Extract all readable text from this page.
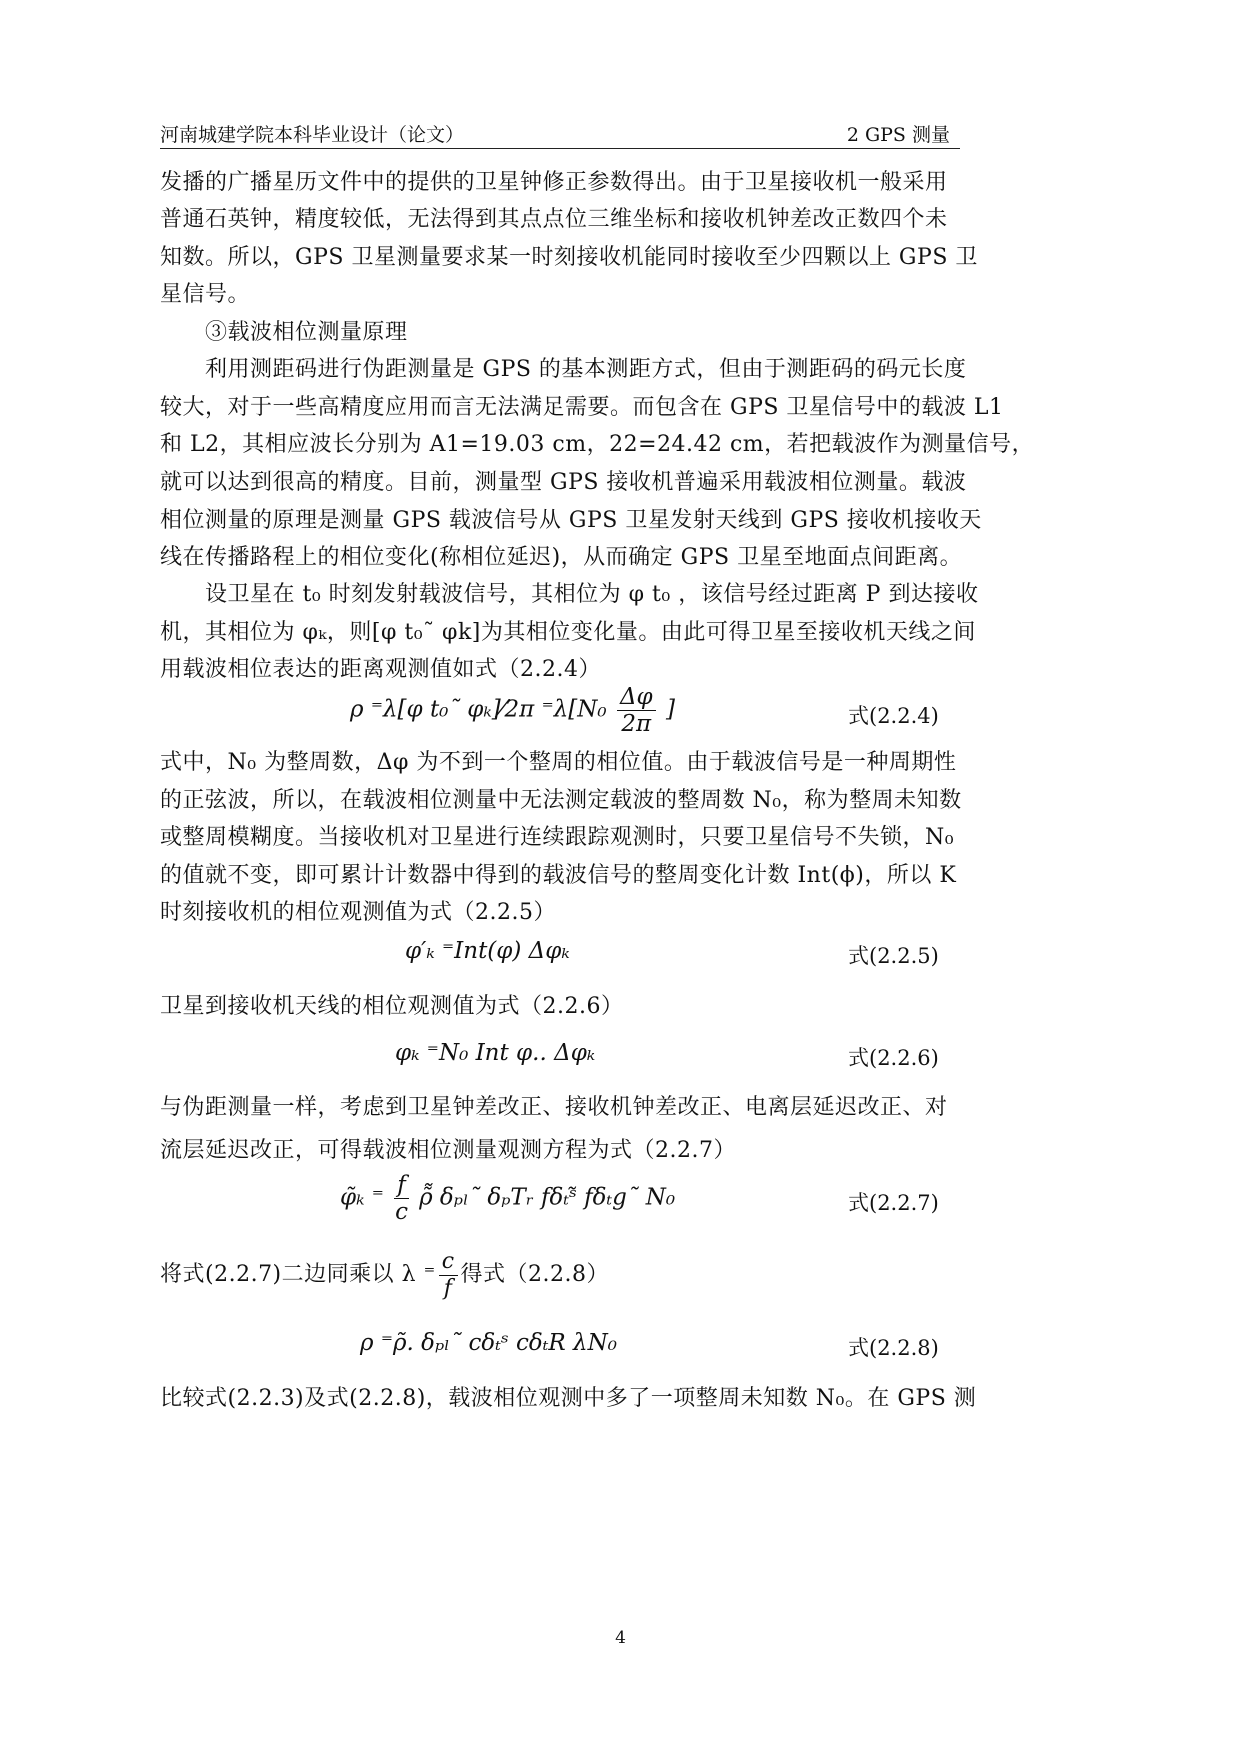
河南城建学院本科毕业设计（论文）	2 GPS 测量
发播的广播星历文件中的提供的卫星钟修正参数得出。由于卫星接收机一般采用
普通石英钟，精度较低，无法得到其点点位三维坐标和接收机钟差改正数四个未
知数。所以，GPS 卫星测量要求某一时刻接收机能同时接收至少四颗以上 GPS 卫
星信号。
③载波相位测量原理
利用测距码进行伪距测量是 GPS 的基本测距方式，但由于测距码的码元长度
较大，对于一些高精度应用而言无法满足需要。而包含在 GPS 卫星信号中的载波 L1
和 L2，其相应波长分别为 A1=19.03 cm，22=24.42 cm，若把载波作为测量信号，
就可以达到很高的精度。目前，测量型 GPS 接收机普遍采用载波相位测量。载波
相位测量的原理是测量 GPS 载波信号从 GPS 卫星发射天线到 GPS 接收机接收天
线在传播路程上的相位变化(称相位延迟)，从而确定 GPS 卫星至地面点间距离。
设卫星在 t₀ 时刻发射载波信号，其相位为 φ t₀ ，该信号经过距离 P 到达接收
机，其相位为 φₖ，则[φ t₀˜ φk]为其相位变化量。由此可得卫星至接收机天线之间
用载波相位表达的距离观测值如式（2.2.4）
ρ ⁼λ[φ t₀˜ φₖ]⁄2π $^=\lambda[N_0 \frac{\Delta\varphi}{2\pi}$ ]	式(2.2.4)
式中，N₀ 为整周数，Δφ 为不到一个整周的相位值。由于载波信号是一种周期性
的正弦波，所以，在载波相位测量中无法测定载波的整周数 N₀，称为整周未知数
或整周模糊度。当接收机对卫星进行连续跟踪观测时，只要卫星信号不失锁，N₀
的值就不变，即可累计计数器中得到的载波信号的整周变化计数 Int(ϕ)，所以 K
时刻接收机的相位观测值为式（2.2.5）
φ′ₖ ⁼Int(φ) Δφₖ	式(2.2.5)
卫星到接收机天线的相位观测值为式（2.2.6）
φₖ ⁼N₀ Int φ.. Δφₖ	式(2.2.6)
与伪距测量一样，考虑到卫星钟差改正、接收机钟差改正、电离层延迟改正、对
流层延迟改正，可得载波相位测量观测方程为式（2.2.7）
φ̃ₖ ⁼ $\frac{f}{c}$ ρ̃̃ δₚₗ˜ δₚTᵣ fδₜˢ̃ fδₜg˜ N₀	式(2.2.7)
将式(2.2.7)二边同乘以 λ ⁼ $\frac{c}{f}$ 得式（2.2.8）
ρ ⁼ρ̃. δₚₗ˜ cδₜˢ cδₜR λN₀	式(2.2.8)
比较式(2.2.3)及式(2.2.8)，载波相位观测中多了一项整周未知数 N₀。在 GPS 测
4
